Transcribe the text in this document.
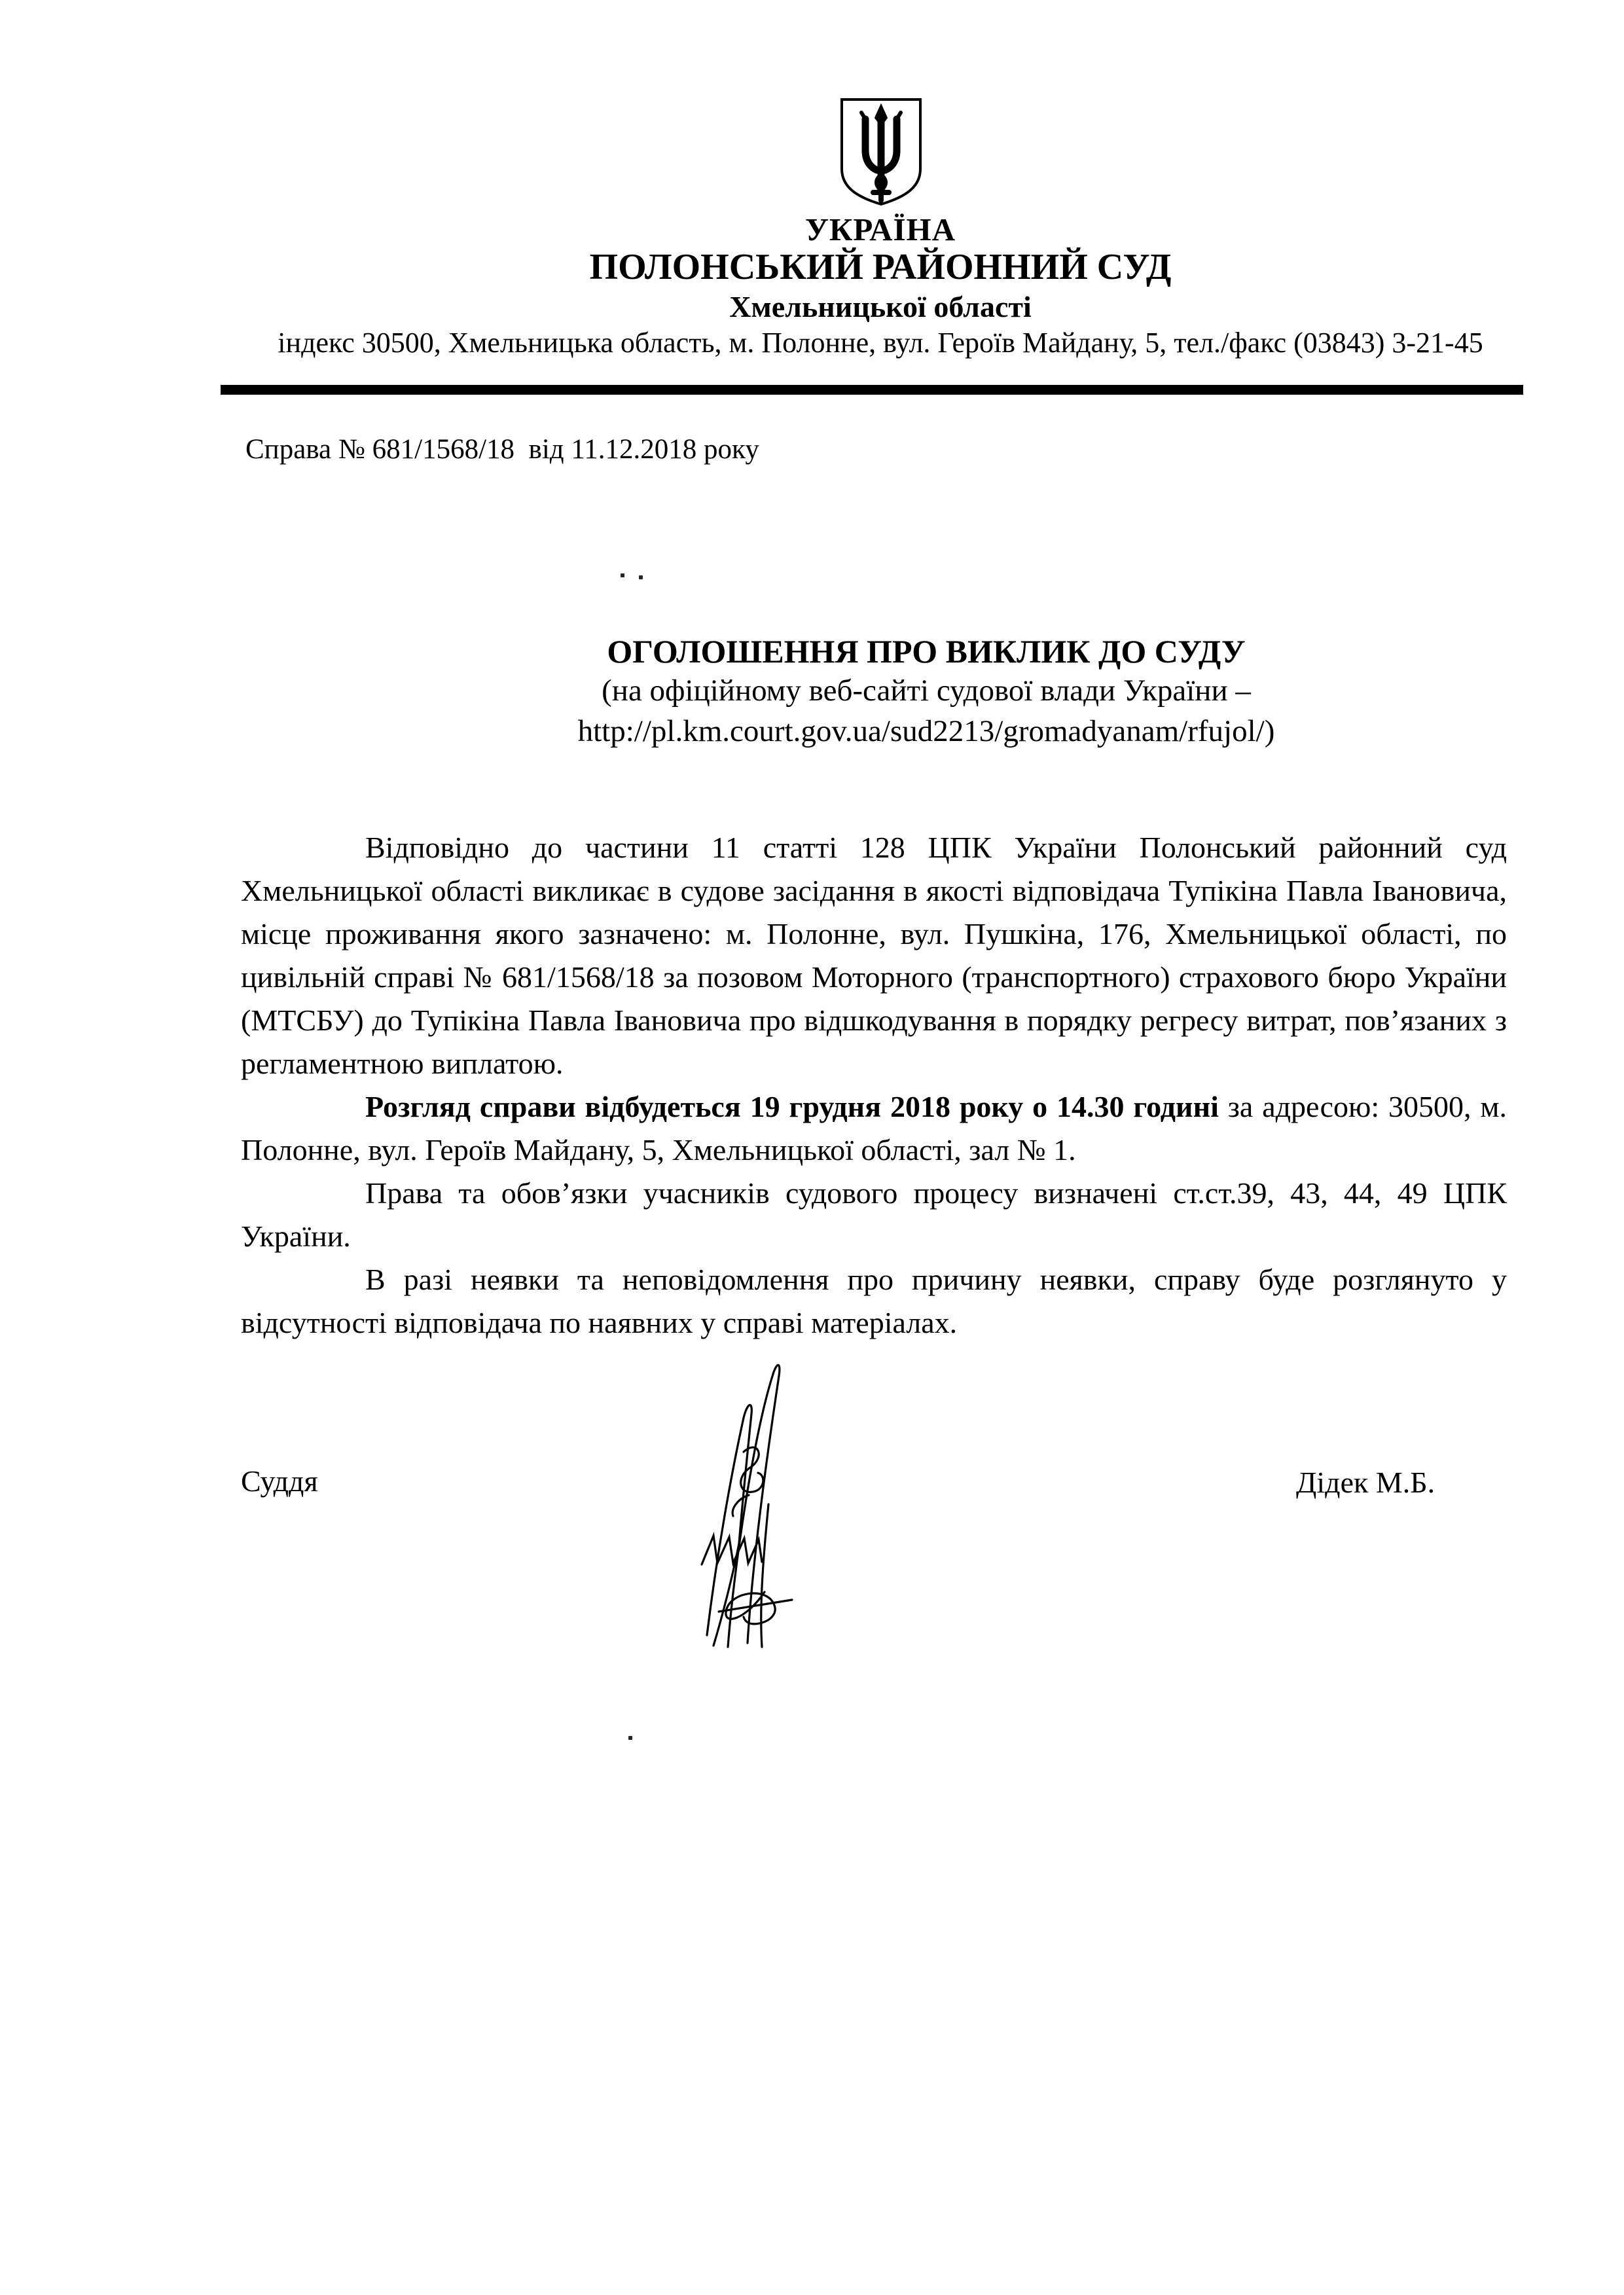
УКРАЇНА
ПОЛОНСЬКИЙ РАЙОННИЙ СУД
Хмельницької області
індекс 30500, Хмельницька область, м. Полонне, вул. Героїв Майдану, 5, тел./факс (03843) 3-21-45
Справа № 681/1568/18  від 11.12.2018 року
ОГОЛОШЕННЯ ПРО ВИКЛИК ДО СУДУ
(на офіційному веб-сайті судової влади України –
http://pl.km.court.gov.ua/sud2213/gromadyanam/rfujol/)

Відповідно до частини 11 статті 128 ЦПК України Полонський районний суд Хмельницької області викликає в судове засідання в якості відповідача Тупікіна Павла Івановича, місце проживання якого зазначено: м. Полонне, вул. Пушкіна, 176, Хмельницької області, по цивільній справі № 681/1568/18 за позовом Моторного (транспортного) страхового бюро України (МТСБУ) до Тупікіна Павла Івановича про відшкодування в порядку регресу витрат, пов’язаних з регламентною виплатою.

Розгляд справи відбудеться 19 грудня 2018 року о 14.30 годині за адресою: 30500, м. Полонне, вул. Героїв Майдану, 5, Хмельницької області, зал № 1.

Права та обов’язки учасників судового процесу визначені ст.ст.39, 43, 44, 49 ЦПК України.

В разі неявки та неповідомлення про причину неявки, справу буде розглянуто у відсутності відповідача по наявних у справі матеріалах.

Суддя	Дідек М.Б.
